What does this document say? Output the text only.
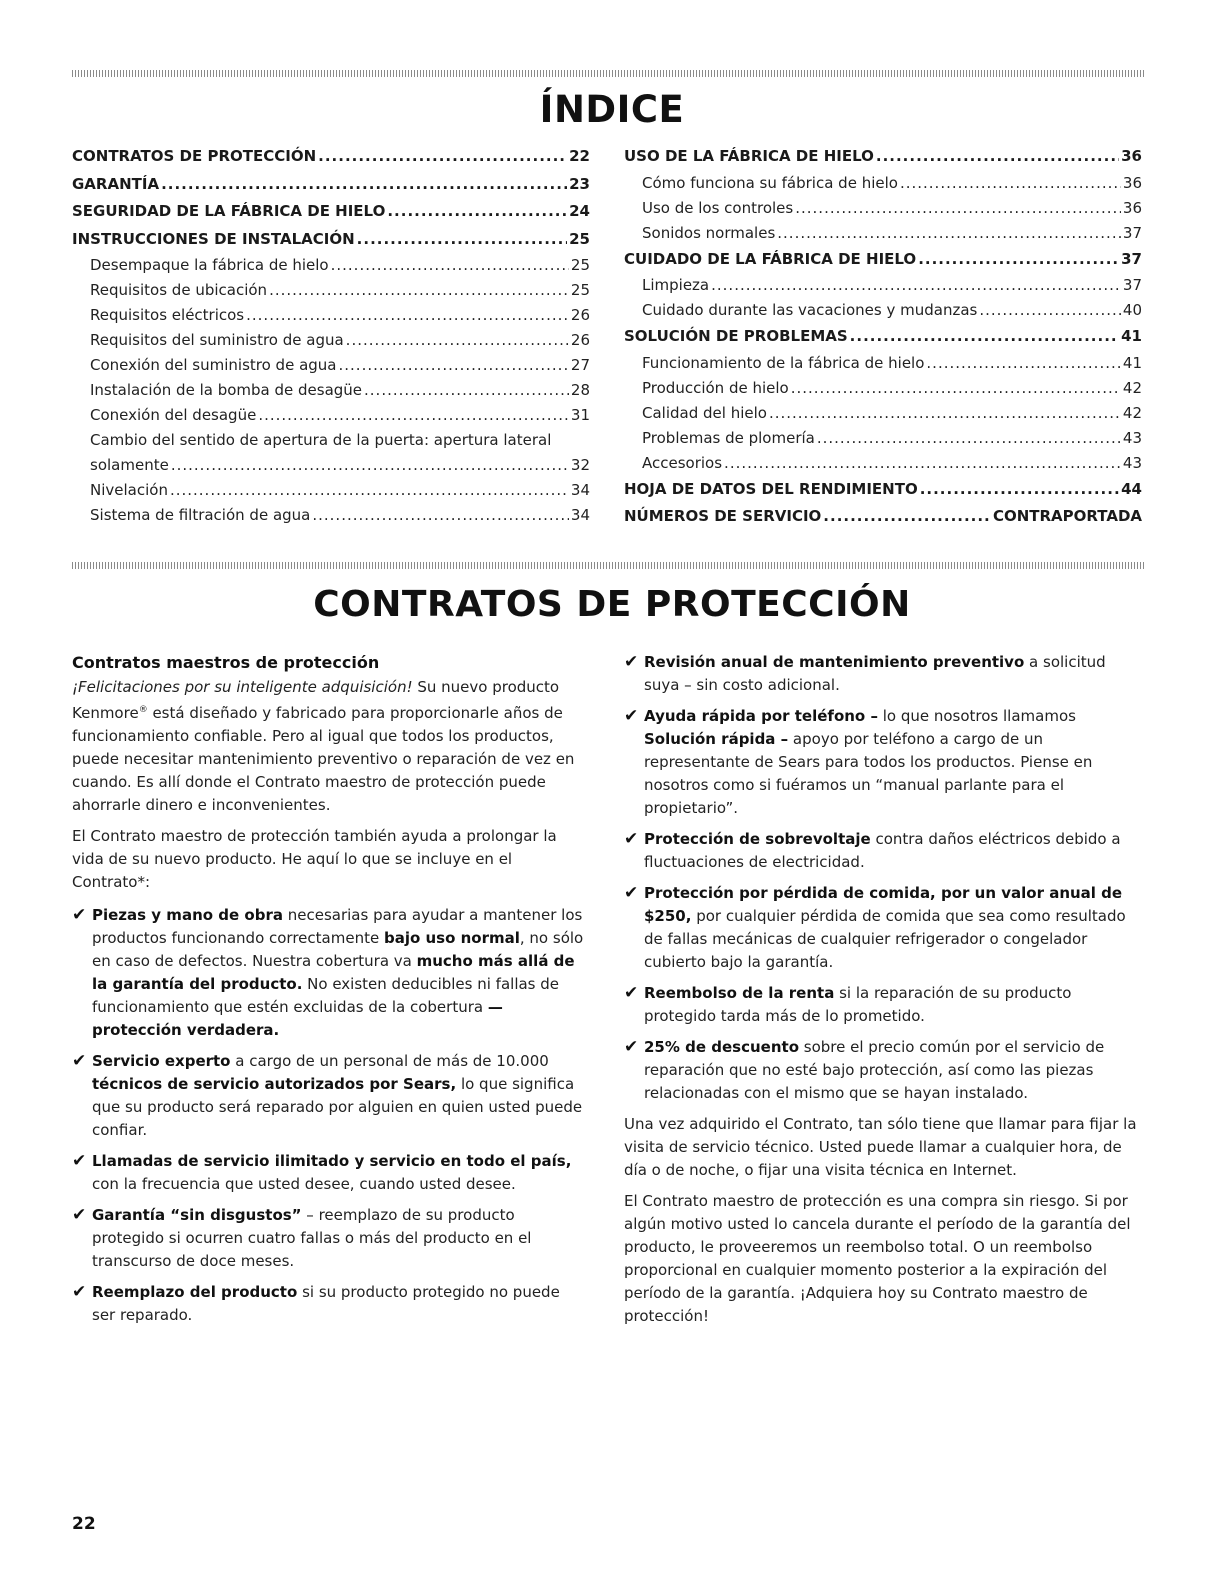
ÍNDICE
CONTRATOS DE PROTECCIÓN .....	22
GARANTÍA .....	23
SEGURIDAD DE LA FÁBRICA DE HIELO .....	24
INSTRUCCIONES DE INSTALACIÓN .....	25
Desempaque la fábrica de hielo .....	25
Requisitos de ubicación .....	25
Requisitos eléctricos .....	26
Requisitos del suministro de agua .....	26
Conexión del suministro de agua .....	27
Instalación de la bomba de desagüe .....	28
Conexión del desagüe .....	31
Cambio del sentido de apertura de la puerta: apertura lateral
solamente .....	32
Nivelación .....	34
Sistema de filtración de agua .....	34
USO DE LA FÁBRICA DE HIELO .....	36
Cómo funciona su fábrica de hielo .....	36
Uso de los controles .....	36
Sonidos normales .....	37
CUIDADO DE LA FÁBRICA DE HIELO .....	37
Limpieza .....	37
Cuidado durante las vacaciones y mudanzas .....	40
SOLUCIÓN DE PROBLEMAS .....	41
Funcionamiento de la fábrica de hielo .....	41
Producción de hielo .....	42
Calidad del hielo .....	42
Problemas de plomería .....	43
Accesorios .....	43
HOJA DE DATOS DEL RENDIMIENTO .....	44
NÚMEROS DE SERVICIO .....	CONTRAPORTADA
CONTRATOS DE PROTECCIÓN
Contratos maestros de protección

¡Felicitaciones por su inteligente adquisición! Su nuevo producto Kenmore® está diseñado y fabricado para proporcionarle años de funcionamiento confiable. Pero al igual que todos los productos, puede necesitar mantenimiento preventivo o reparación de vez en cuando. Es allí donde el Contrato maestro de protección puede ahorrarle dinero e inconvenientes.

El Contrato maestro de protección también ayuda a prolongar la vida de su nuevo producto. He aquí lo que se incluye en el Contrato*:

✔ Piezas y mano de obra necesarias para ayudar a mantener los productos funcionando correctamente bajo uso normal, no sólo en caso de defectos. Nuestra cobertura va mucho más allá de la garantía del producto. No existen deducibles ni fallas de funcionamiento que estén excluidas de la cobertura — protección verdadera.

✔ Servicio experto a cargo de un personal de más de 10.000 técnicos de servicio autorizados por Sears, lo que significa que su producto será reparado por alguien en quien usted puede confiar.

✔ Llamadas de servicio ilimitado y servicio en todo el país, con la frecuencia que usted desee, cuando usted desee.

✔ Garantía “sin disgustos” – reemplazo de su producto protegido si ocurren cuatro fallas o más del producto en el transcurso de doce meses.

✔ Reemplazo del producto si su producto protegido no puede ser reparado.

✔ Revisión anual de mantenimiento preventivo a solicitud suya – sin costo adicional.

✔ Ayuda rápida por teléfono – lo que nosotros llamamos Solución rápida – apoyo por teléfono a cargo de un representante de Sears para todos los productos. Piense en nosotros como si fuéramos un “manual parlante para el propietario”.

✔ Protección de sobrevoltaje contra daños eléctricos debido a fluctuaciones de electricidad.

✔ Protección por pérdida de comida, por un valor anual de $250, por cualquier pérdida de comida que sea como resultado de fallas mecánicas de cualquier refrigerador o congelador cubierto bajo la garantía.

✔ Reembolso de la renta si la reparación de su producto protegido tarda más de lo prometido.

✔ 25% de descuento sobre el precio común por el servicio de reparación que no esté bajo protección, así como las piezas relacionadas con el mismo que se hayan instalado.

Una vez adquirido el Contrato, tan sólo tiene que llamar para fijar la visita de servicio técnico. Usted puede llamar a cualquier hora, de día o de noche, o fijar una visita técnica en Internet.

El Contrato maestro de protección es una compra sin riesgo. Si por algún motivo usted lo cancela durante el período de la garantía del producto, le proveeremos un reembolso total. O un reembolso proporcional en cualquier momento posterior a la expiración del período de la garantía. ¡Adquiera hoy su Contrato maestro de protección!

22
